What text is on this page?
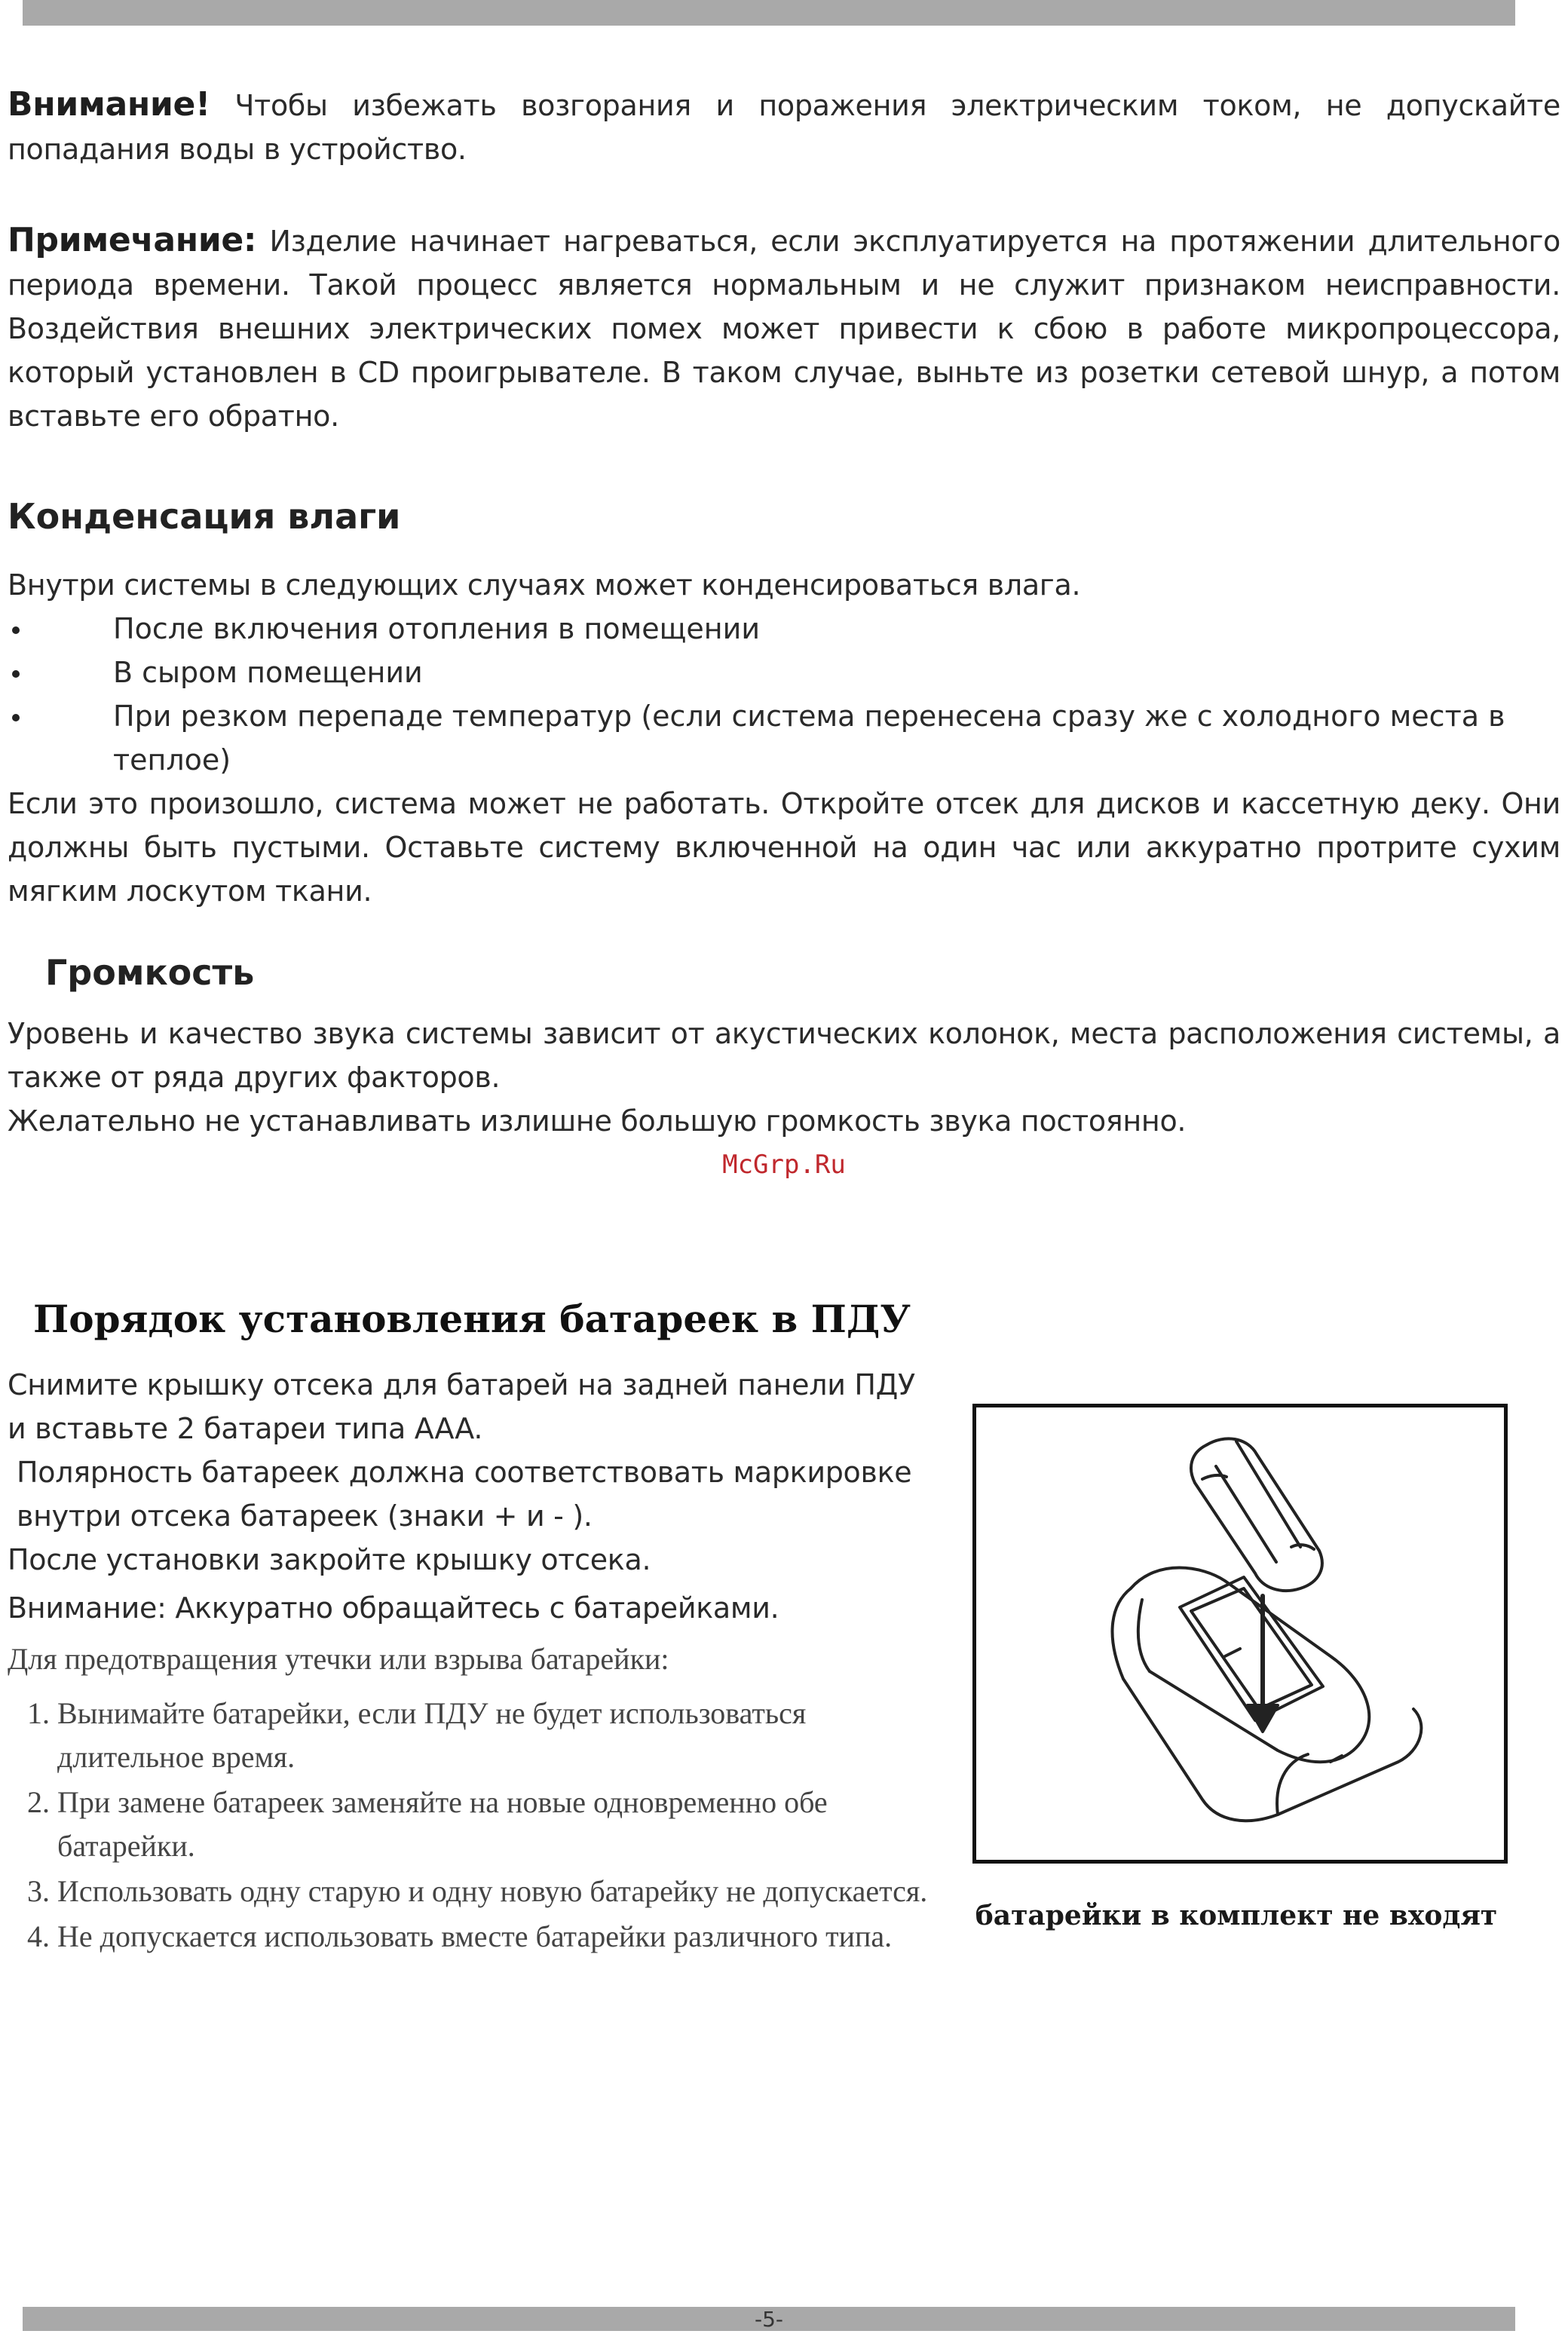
Внимание! Чтобы избежать возгорания и поражения электрическим током, не допускайте попадания воды в устройство.

Примечание: Изделие начинает нагреваться, если эксплуатируется на протяжении длительного периода времени. Такой процесс является нормальным и не служит признаком неисправности. Воздействия внешних электрических помех может привести к сбою в работе микропроцессора, который установлен в CD проигрывателе. В таком случае, выньте из розетки сетевой шнур, а потом вставьте его обратно.

Конденсация влаги

Внутри системы в следующих случаях может конденсироваться влага.

После включения отопления в помещении
В сыром помещении
При резком перепаде температур (если система перенесена сразу же с холодного места в теплое)

Если это произошло, система может не работать. Откройте отсек для дисков и кассетную деку. Они должны быть пустыми. Оставьте систему включенной на один час или аккуратно протрите сухим мягким лоскутом ткани.

Громкость

Уровень и качество звука системы зависит от акустических колонок, места расположения системы, а также от ряда других факторов.

Желательно не устанавливать излишне большую громкость звука постоянно.

McGrp.Ru
Порядок установления батареек в ПДУ

Снимите крышку отсека для батарей на задней панели ПДУ и вставьте 2 батареи типа AAA.

Полярность батареек должна соответствовать маркировке внутри отсека батареек (знаки + и - ).

После установки закройте крышку отсека.

Внимание: Аккуратно обращайтесь с батарейками.

Для предотвращения утечки или взрыва батарейки:

1. Вынимайте батарейки, если ПДУ не будет использоваться длительное время.
2. При замене батареек заменяйте на новые одновременно обе батарейки.
3. Использовать одну старую и одну новую батарейку не допускается.
4. Не допускается использовать вместе батарейки различного типа.
батарейки в комплект не входят
-5-
